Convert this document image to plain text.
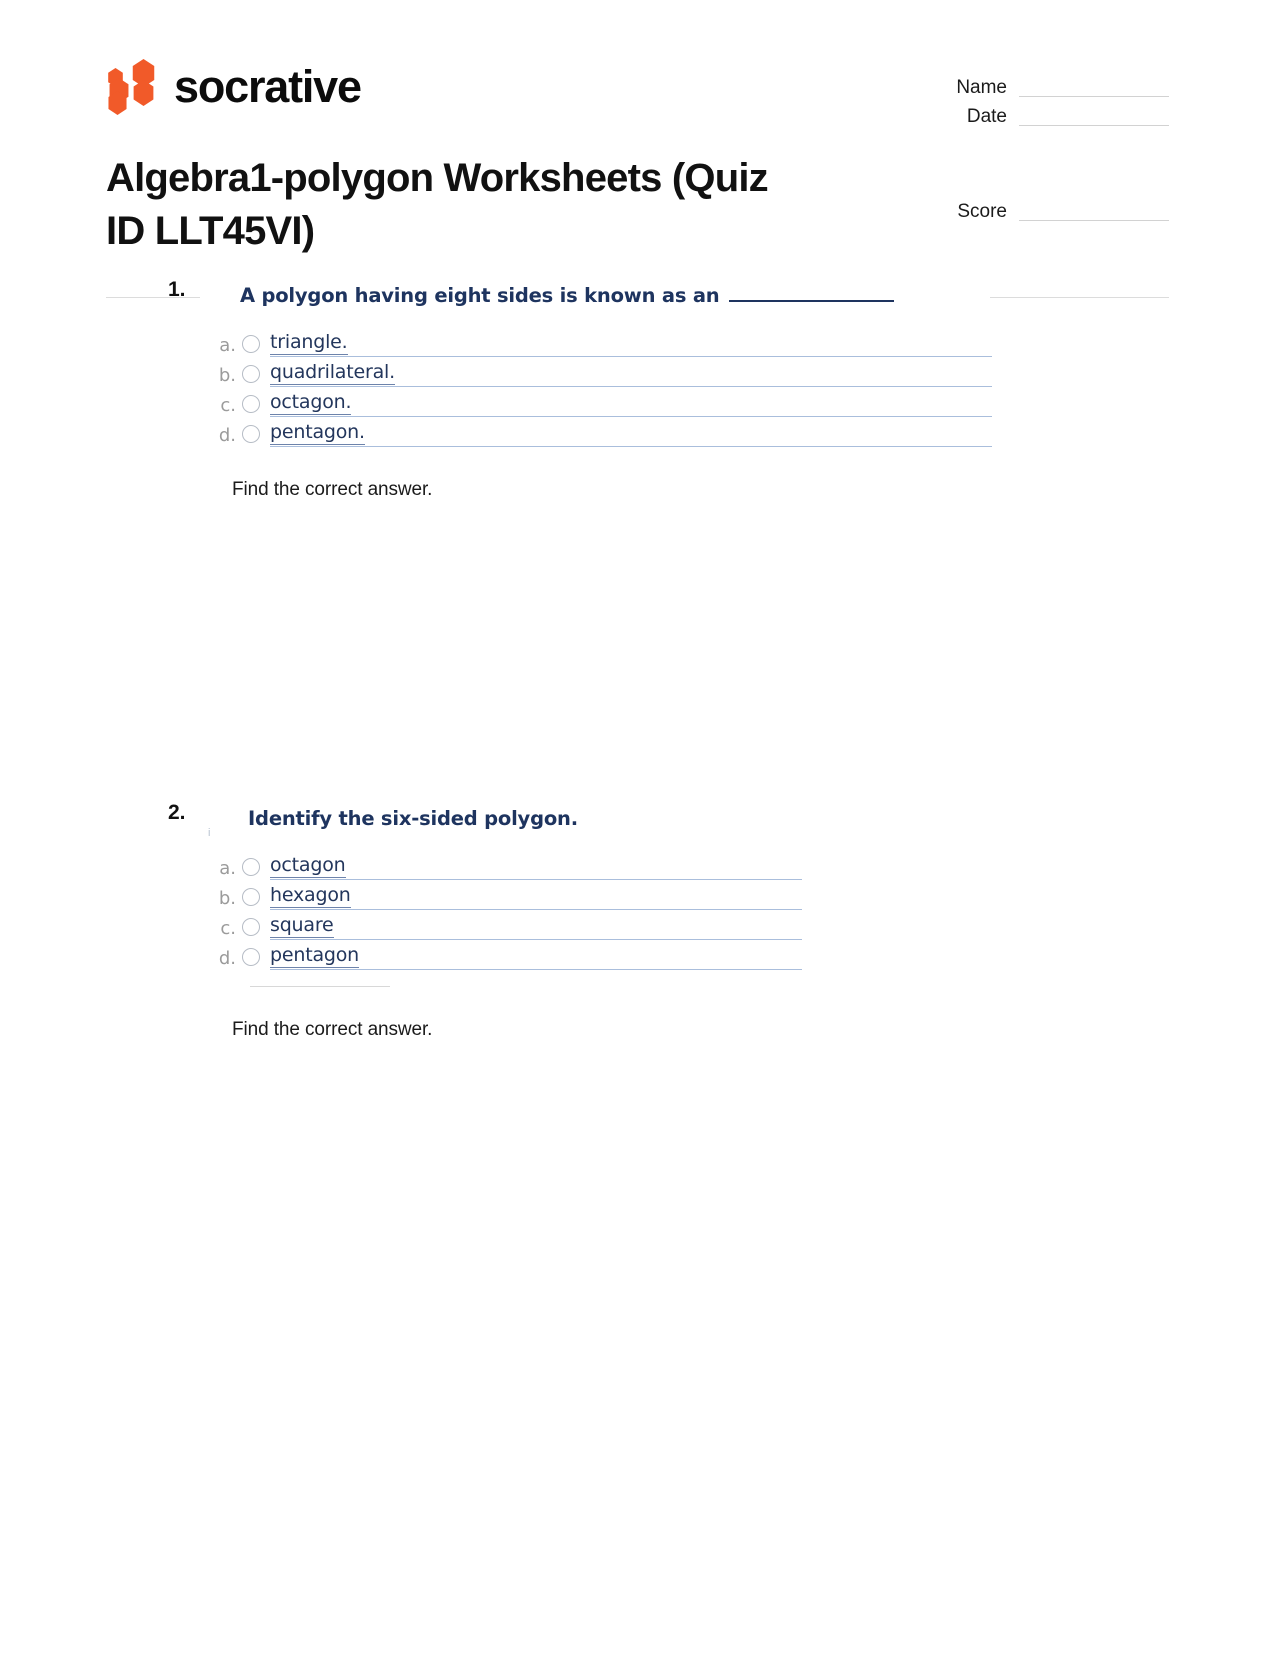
socrative	Name
Date
Score
Algebra1-polygon Worksheets (Quiz ID LLT45VI)
1.	A polygon having eight sides is known as an
a. triangle.
b. quadrilateral.
c. octagon.
d. pentagon.
Find the correct answer.
2.
i
Identify the six-sided polygon.
a. octagon
b. hexagon
c. square
d. pentagon
Find the correct answer.
